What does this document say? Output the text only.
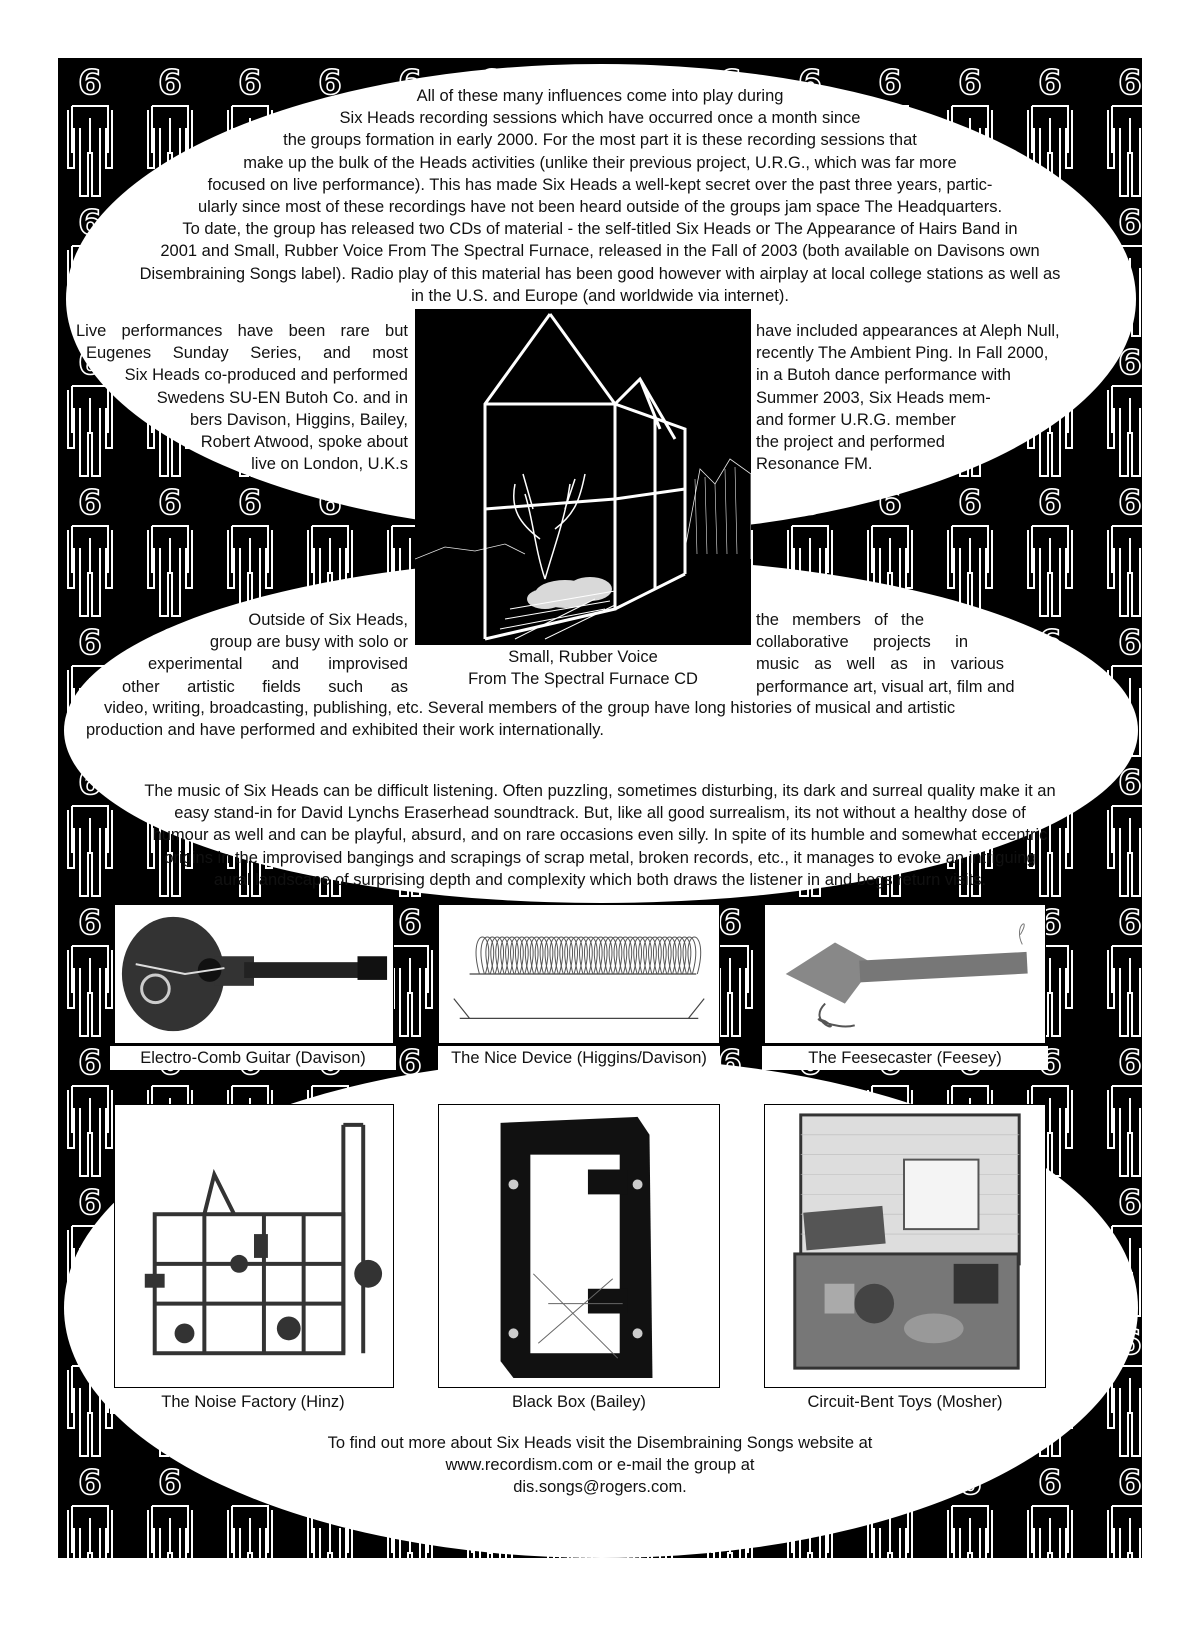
All of these many influences come into play during
Six Heads recording sessions which have occurred once a month since
the groups formation in early 2000. For the most part it is these recording sessions that
make up the bulk of the Heads activities (unlike their previous project, U.R.G., which was far more
focused on live performance). This has made Six Heads a well-kept secret over the past three years, partic-
ularly since most of these recordings have not been heard outside of the groups jam space The Headquarters.
To date, the group has released two CDs of material - the self-titled Six Heads or The Appearance of Hairs Band in
2001 and Small, Rubber Voice From The Spectral Furnace, released in the Fall of 2003 (both available on Davisons own
Disembraining Songs label). Radio play of this material has been good however with airplay at local college stations as well as
in the U.S. and Europe (and worldwide via internet).
Live performances have been rare but
Eugenes Sunday Series, and most
Six Heads co-produced and performed
Swedens SU-EN Butoh Co. and in
bers Davison, Higgins, Bailey,
Robert Atwood, spoke about
live on London, U.K.s
have included appearances at Aleph Null,
recently The Ambient Ping. In Fall 2000,
in a Butoh dance performance with
Summer 2003, Six Heads mem-
and former U.R.G. member
the project and performed
Resonance FM.
Small, Rubber Voice
From The Spectral Furnace CD
Outside of Six Heads,
group are busy with solo or
experimental and improvised
other artistic fields such as
the members of the
collaborative projects in
music as well as in various
performance art, visual art, film and
video, writing, broadcasting, publishing, etc. Several members of the group have long histories of musical and artistic
production and have performed and exhibited their work internationally.
The music of Six Heads can be difficult listening. Often puzzling, sometimes disturbing, its dark and surreal quality make it an
easy stand-in for David Lynchs Eraserhead soundtrack. But, like all good surrealism, its not without a healthy dose of
humour as well and can be playful, absurd, and on rare occasions even silly. In spite of its humble and somewhat eccentric
origins in the improvised bangings and scrapings of scrap metal, broken records, etc., it manages to evoke an intriguing
aural landscape of surprising depth and complexity which both draws the listener in and begs return visits.
Electro-Comb Guitar (Davison)	The Nice Device (Higgins/Davison)	The Feesecaster (Feesey)
The Noise Factory (Hinz)	Black Box (Bailey)	Circuit-Bent Toys (Mosher)
To find out more about Six Heads visit the Disembraining Songs website at
www.recordism.com or e-mail the group at
dis.songs@rogers.com.
